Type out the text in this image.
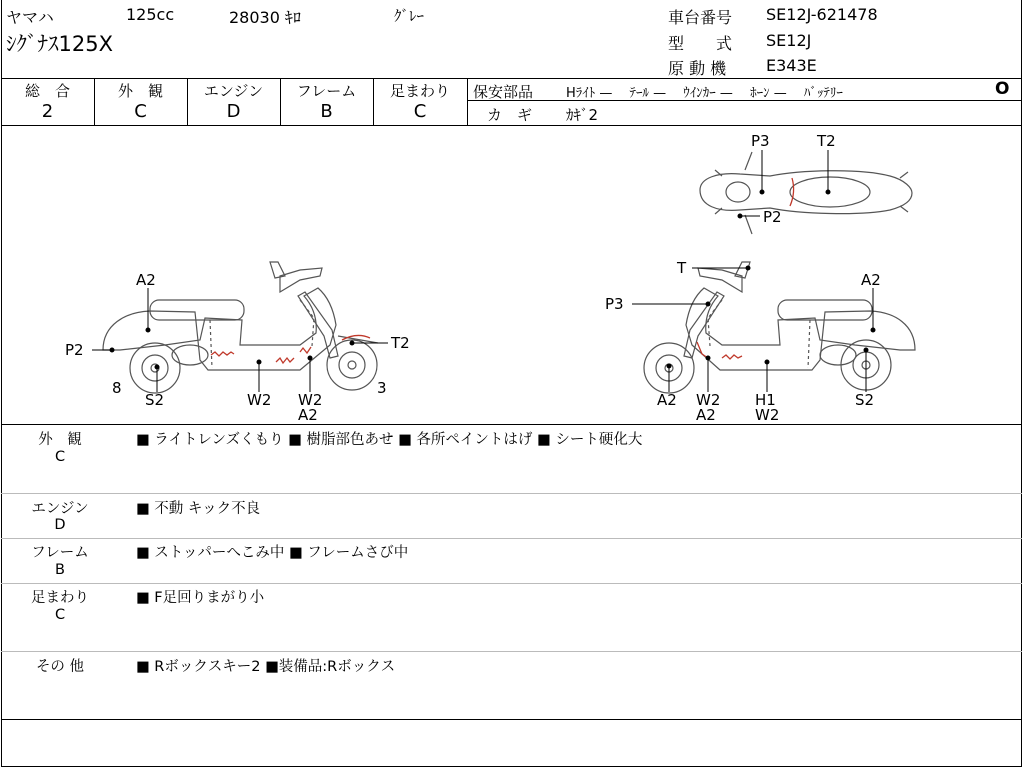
ヤマハ	125cc	28030 ｷﾛ	ｸﾞﾚｰ
ｼｸﾞﾅｽ125X
車台番号 SE12J-621478
型　　式 SE12J
原 動 機 E343E
総　合
2
外　観
C
エンジン
D
フレーム
B
足まわり
C
保安部品	Hﾗｲﾄ —　 ﾃｰﾙ —　 ｳｲﾝｶｰ —　 ﾎｰﾝ —　 ﾊﾞｯﾃﾘｰ	O
カ　ギ ｶｷﾞ2
A2
P2	T2
8
S2	W2 W2
A2
3
T
P3
A2
A2 W2
A2
H1
W2
S2
P3	T2
P2
外　観
C
■ ライトレンズくもり ■ 樹脂部色あせ ■ 各所ペイントはげ ■ シート硬化大
エンジン
D
■ 不動 キック不良
フレーム
B
■ ストッパーへこみ中 ■ フレームさび中
足まわり
C
■ F足回りまがり小
その 他	■ Rボックスキー2 ■装備品:Rボックス
